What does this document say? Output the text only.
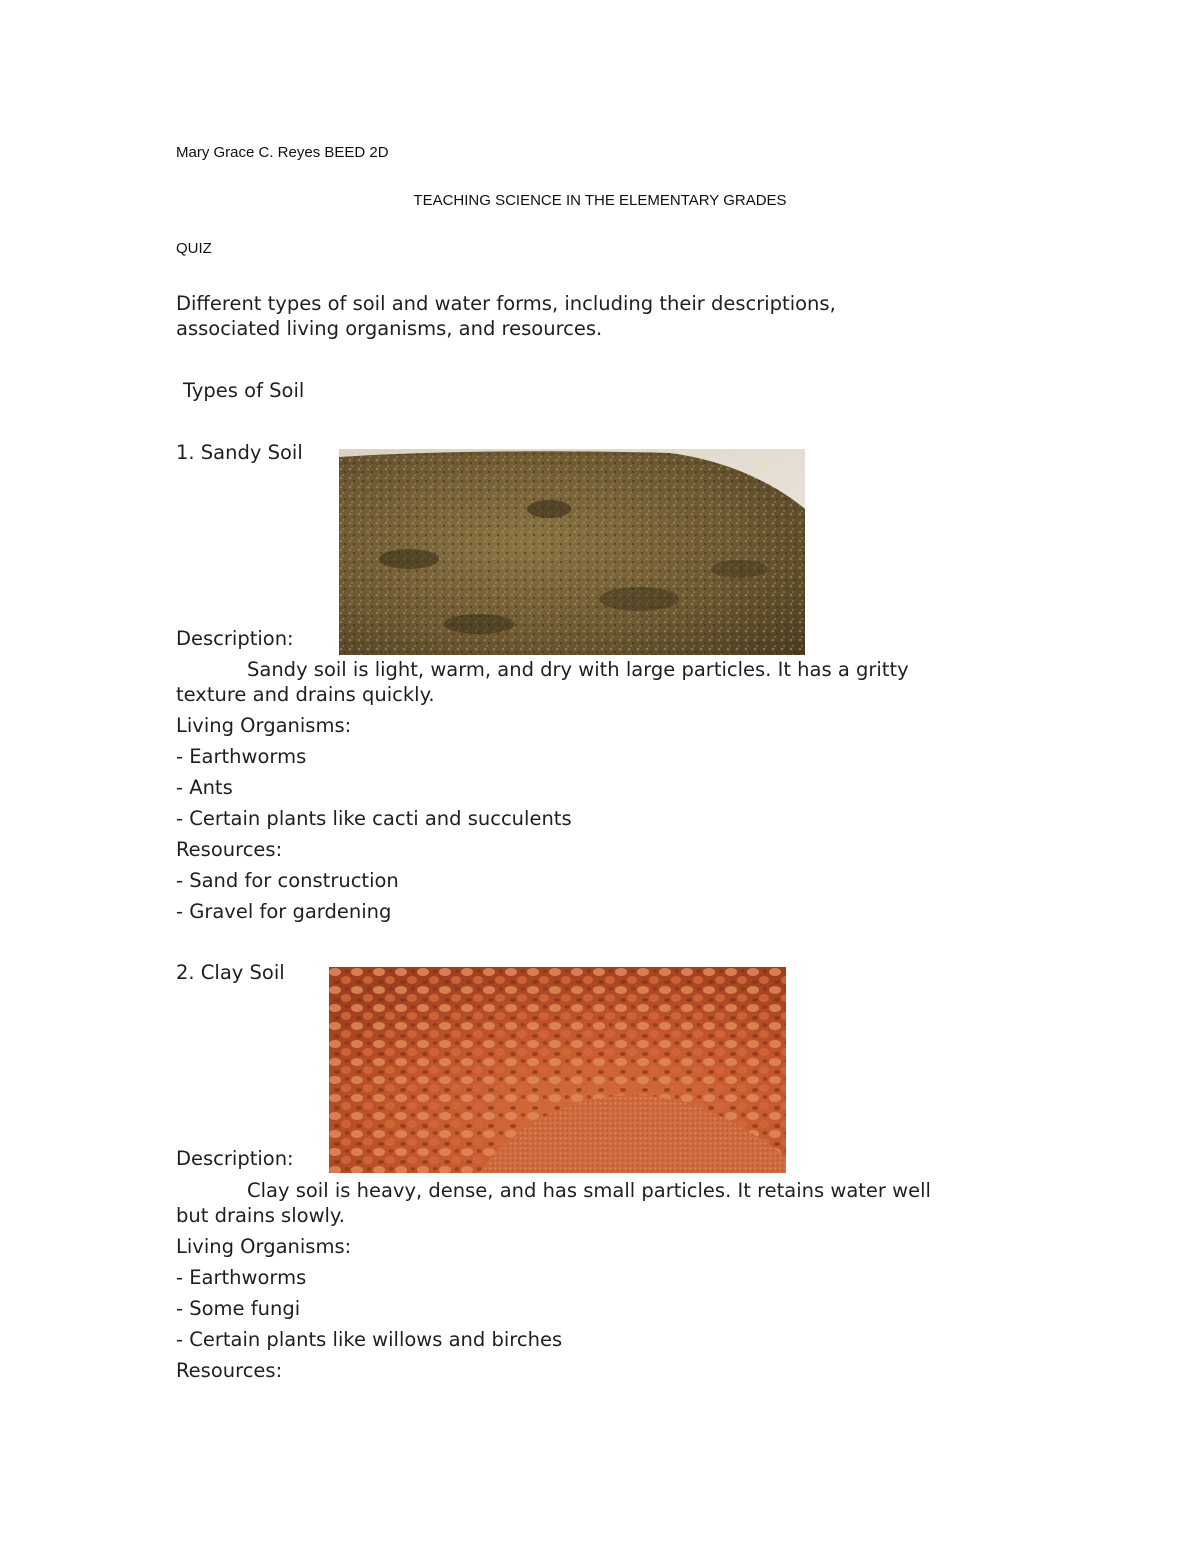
Mary Grace C. Reyes BEED 2D
TEACHING SCIENCE IN THE ELEMENTARY GRADES
QUIZ
Different types of soil and water forms, including their descriptions,
associated living organisms, and resources.
Types of Soil
1. Sandy Soil
Description:
Sandy soil is light, warm, and dry with large particles. It has a gritty
texture and drains quickly.
Living Organisms:
- Earthworms
- Ants
- Certain plants like cacti and succulents
Resources:
- Sand for construction
- Gravel for gardening
2. Clay Soil
Description:
Clay soil is heavy, dense, and has small particles. It retains water well
but drains slowly.
Living Organisms:
- Earthworms
- Some fungi
- Certain plants like willows and birches
Resources:
